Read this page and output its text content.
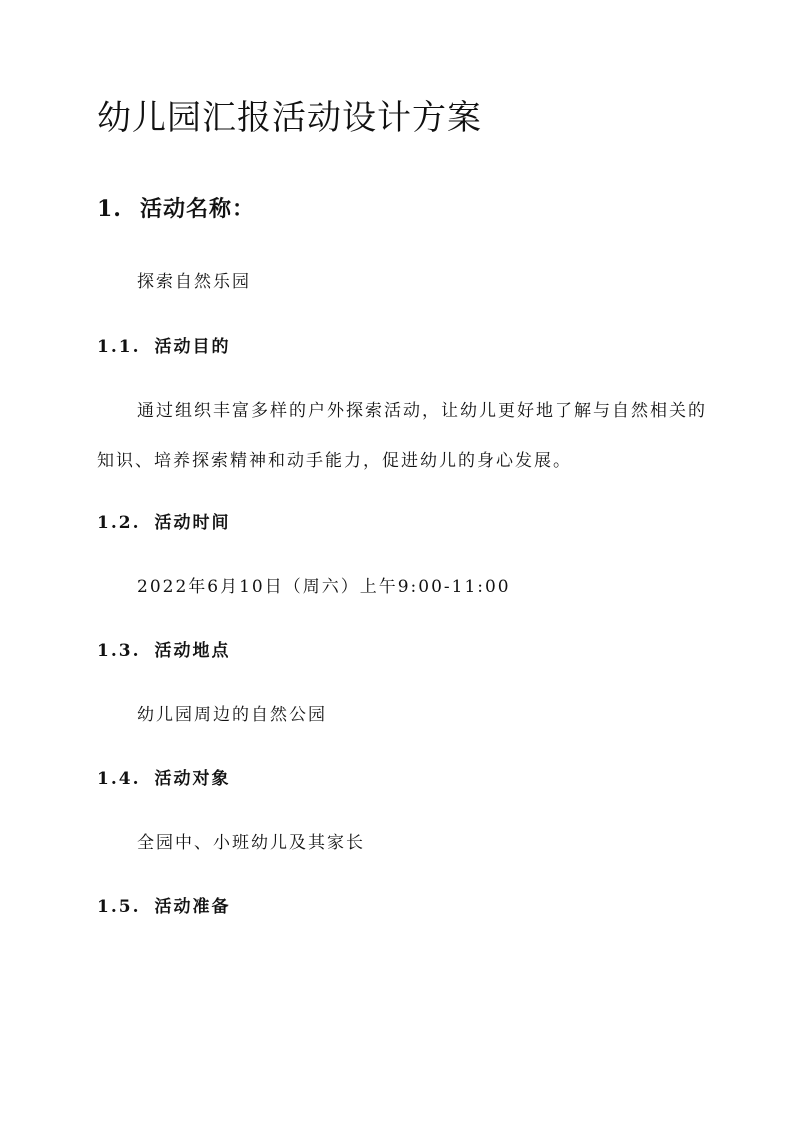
幼儿园汇报活动设计方案
1. 活动名称：
探索自然乐园
1.1. 活动目的
通过组织丰富多样的户外探索活动，让幼儿更好地了解与自然相关的知识、培养探索精神和动手能力，促进幼儿的身心发展。
1.2. 活动时间
2022年6月10日（周六）上午9:00-11:00
1.3. 活动地点
幼儿园周边的自然公园
1.4. 活动对象
全园中、小班幼儿及其家长
1.5. 活动准备
